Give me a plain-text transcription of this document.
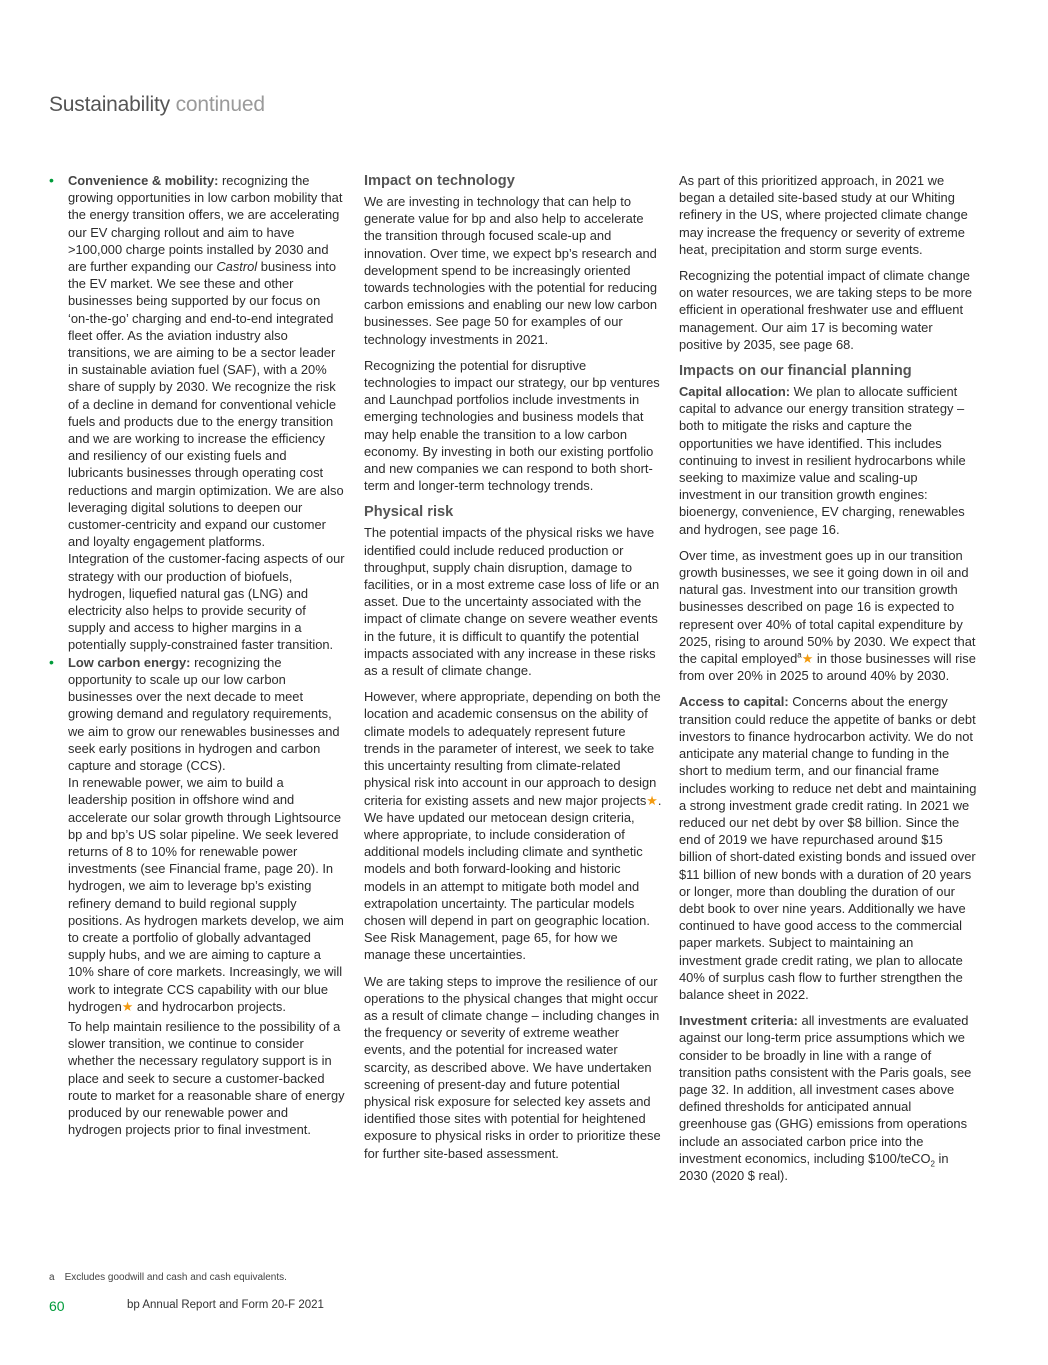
Sustainability continued
• Convenience & mobility: recognizing the growing opportunities in low carbon mobility that the energy transition offers, we are accelerating our EV charging rollout and aim to have >100,000 charge points installed by 2030 and are further expanding our Castrol business into the EV market. We see these and other businesses being supported by our focus on ‘on-the-go’ charging and end-to-end integrated fleet offer. As the aviation industry also transitions, we are aiming to be a sector leader in sustainable aviation fuel (SAF), with a 20% share of supply by 2030. We recognize the risk of a decline in demand for conventional vehicle fuels and products due to the energy transition and we are working to increase the efficiency and resiliency of our existing fuels and lubricants businesses through operating cost reductions and margin optimization. We are also leveraging digital solutions to deepen our customer-centricity and expand our customer and loyalty engagement platforms.

Integration of the customer-facing aspects of our strategy with our production of biofuels, hydrogen, liquefied natural gas (LNG) and electricity also helps to provide security of supply and access to higher margins in a potentially supply-constrained faster transition.

• Low carbon energy: recognizing the opportunity to scale up our low carbon businesses over the next decade to meet growing demand and regulatory requirements, we aim to grow our renewables businesses and seek early positions in hydrogen and carbon capture and storage (CCS).

In renewable power, we aim to build a leadership position in offshore wind and accelerate our solar growth through Lightsource bp and bp’s US solar pipeline. We seek levered returns of 8 to 10% for renewable power investments (see Financial frame, page 20). In hydrogen, we aim to leverage bp’s existing refinery demand to build regional supply positions. As hydrogen markets develop, we aim to create a portfolio of globally advantaged supply hubs, and we are aiming to capture a 10% share of core markets. Increasingly, we will work to integrate CCS capability with our blue hydrogen★ and hydrocarbon projects.

To help maintain resilience to the possibility of a slower transition, we continue to consider whether the necessary regulatory support is in place and seek to secure a customer-backed route to market for a reasonable share of energy produced by our renewable power and hydrogen projects prior to final investment.

Impact on technology

We are investing in technology that can help to generate value for bp and also help to accelerate the transition through focused scale-up and innovation. Over time, we expect bp’s research and development spend to be increasingly oriented towards technologies with the potential for reducing carbon emissions and enabling our new low carbon businesses. See page 50 for examples of our technology investments in 2021.

Recognizing the potential for disruptive technologies to impact our strategy, our bp ventures and Launchpad portfolios include investments in emerging technologies and business models that may help enable the transition to a low carbon economy. By investing in both our existing portfolio and new companies we can respond to both short-term and longer-term technology trends.

Physical risk

The potential impacts of the physical risks we have identified could include reduced production or throughput, supply chain disruption, damage to facilities, or in a most extreme case loss of life or an asset. Due to the uncertainty associated with the impact of climate change on severe weather events in the future, it is difficult to quantify the potential impacts associated with any increase in these risks as a result of climate change.

However, where appropriate, depending on both the location and academic consensus on the ability of climate models to adequately represent future trends in the parameter of interest, we seek to take this uncertainty resulting from climate-related physical risk into account in our approach to design criteria for existing assets and new major projects★. We have updated our metocean design criteria, where appropriate, to include consideration of additional models including climate and synthetic models and both forward-looking and historic models in an attempt to mitigate both model and extrapolation uncertainty. The particular models chosen will depend in part on geographic location. See Risk Management, page 65, for how we manage these uncertainties.

We are taking steps to improve the resilience of our operations to the physical changes that might occur as a result of climate change – including changes in the frequency or severity of extreme weather events, and the potential for increased water scarcity, as described above. We have undertaken screening of present-day and future potential physical risk exposure for selected key assets and identified those sites with potential for heightened exposure to physical risks in order to prioritize these for further site-based assessment.

As part of this prioritized approach, in 2021 we began a detailed site-based study at our Whiting refinery in the US, where projected climate change may increase the frequency or severity of extreme heat, precipitation and storm surge events.

Recognizing the potential impact of climate change on water resources, we are taking steps to be more efficient in operational freshwater use and effluent management. Our aim 17 is becoming water positive by 2035, see page 68.

Impacts on our financial planning

Capital allocation: We plan to allocate sufficient capital to advance our energy transition strategy – both to mitigate the risks and capture the opportunities we have identified. This includes continuing to invest in resilient hydrocarbons while seeking to maximize value and scaling-up investment in our transition growth engines: bioenergy, convenience, EV charging, renewables and hydrogen, see page 16.

Over time, as investment goes up in our transition growth businesses, we see it going down in oil and natural gas. Investment into our transition growth businesses described on page 16 is expected to represent over 40% of total capital expenditure by 2025, rising to around 50% by 2030. We expect that the capital employed$^a$★ in those businesses will rise from over 20% in 2025 to around 40% by 2030.

Access to capital: Concerns about the energy transition could reduce the appetite of banks or debt investors to finance hydrocarbon activity. We do not anticipate any material change to funding in the short to medium term, and our financial frame includes working to reduce net debt and maintaining a strong investment grade credit rating. In 2021 we reduced our net debt by over $8 billion. Since the end of 2019 we have repurchased around $15 billion of short-dated existing bonds and issued over $11 billion of new bonds with a duration of 20 years or longer, more than doubling the duration of our debt book to over nine years. Additionally we have continued to have good access to the commercial paper markets. Subject to maintaining an investment grade credit rating, we plan to allocate 40% of surplus cash flow to further strengthen the balance sheet in 2022.

Investment criteria: all investments are evaluated against our long-term price assumptions which we consider to be broadly in line with a range of transition paths consistent with the Paris goals, see page 32. In addition, all investment cases above defined thresholds for anticipated annual greenhouse gas (GHG) emissions from operations include an associated carbon price into the investment economics, including $100/teCO$_2$ in 2030 (2020 $ real).

a Excludes goodwill and cash and cash equivalents.
60	bp Annual Report and Form 20-F 2021
